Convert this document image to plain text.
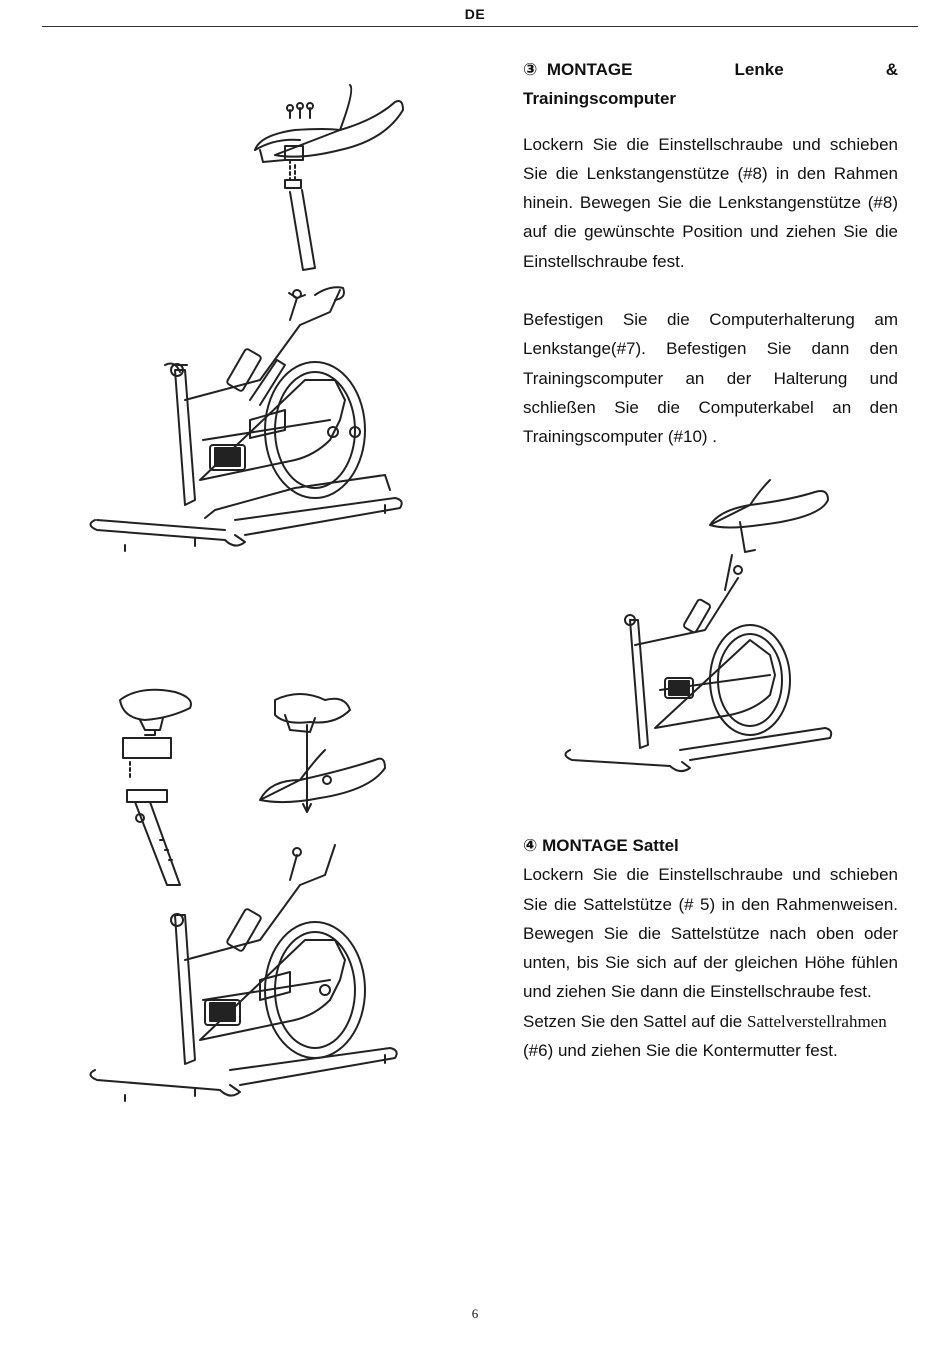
DE
③ MONTAGE	Lenke	&
Trainingscomputer

Lockern Sie die Einstellschraube und schieben Sie die Lenkstangenstütze (#8) in den Rahmen hinein. Bewegen Sie die Lenkstangenstütze (#8) auf die gewünschte Position und ziehen Sie die Einstellschraube fest.

Befestigen Sie die Computerhalterung am Lenkstange(#7). Befestigen Sie dann den Trainingscomputer an der Halterung und schließen Sie die Computerkabel an den Trainingscomputer (#10) .

④ MONTAGE Sattel

Lockern Sie die Einstellschraube und schieben Sie die Sattelstütze (# 5) in den Rahmenweisen. Bewegen Sie die Sattelstütze nach oben oder unten, bis Sie sich auf der gleichen Höhe fühlen und ziehen Sie dann die Einstellschraube fest.

Setzen Sie den Sattel auf die Sattelverstellrahmen
(#6) und ziehen Sie die Kontermutter fest.

6
